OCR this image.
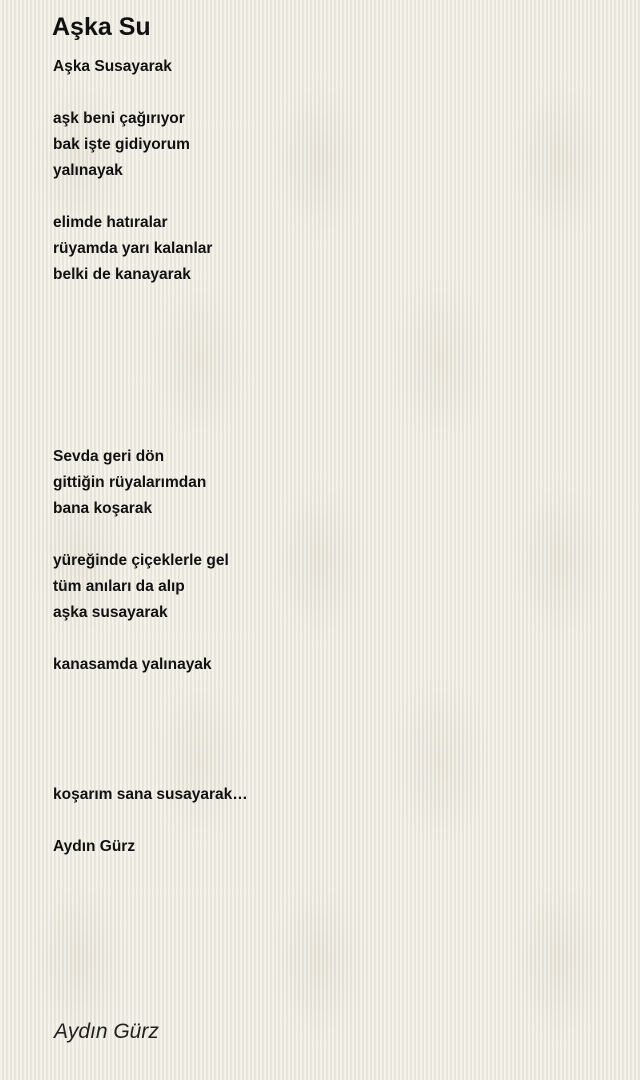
Aşka Su
Aşka Susayarak
aşk beni çağırıyor
bak işte gidiyorum
yalınayak
elimde hatıralar
rüyamda yarı kalanlar
belki de kanayarak
Sevda geri dön
gittiğin rüyalarımdan
bana koşarak
yüreğinde çiçeklerle gel
tüm anıları da alıp
aşka susayarak
kanasamda yalınayak
koşarım sana susayarak…
Aydın Gürz
Aydın Gürz
